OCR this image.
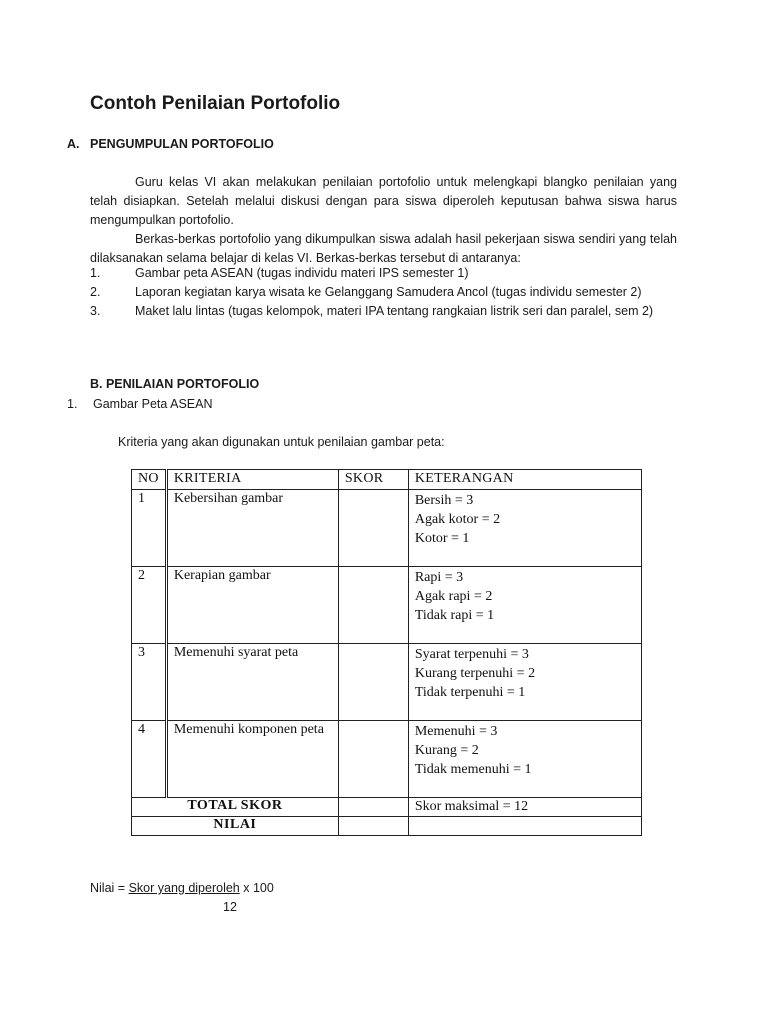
Contoh Penilaian Portofolio
A. PENGUMPULAN PORTOFOLIO

Guru kelas VI akan melakukan penilaian portofolio untuk melengkapi blangko penilaian yang telah disiapkan. Setelah melalui diskusi dengan para siswa diperoleh keputusan bahwa siswa harus mengumpulkan portofolio.

Berkas-berkas portofolio yang dikumpulkan siswa adalah hasil pekerjaan siswa sendiri yang telah dilaksanakan selama belajar di kelas VI. Berkas-berkas tersebut di antaranya:

1.	Gambar peta ASEAN (tugas individu materi IPS semester 1)
2.	Laporan kegiatan karya wisata ke Gelanggang Samudera Ancol (tugas individu semester 2)
3.	Maket lalu lintas (tugas kelompok, materi IPA tentang rangkaian listrik seri dan paralel, sem 2)
B. PENILAIAN PORTOFOLIO
1. Gambar Peta ASEAN
Kriteria yang akan digunakan untuk penilaian gambar peta:
NO	KRITERIA	SKOR	KETERANGAN
1	Kebersihan gambar		Bersih = 3
Agak kotor = 2
Kotor = 1

2	Kerapian gambar		Rapi = 3
Agak rapi = 2
Tidak rapi = 1

3	Memenuhi syarat peta		Syarat terpenuhi = 3
Kurang terpenuhi = 2
Tidak terpenuhi = 1

4	Memenuhi komponen peta		Memenuhi = 3
Kurang = 2
Tidak memenuhi = 1

TOTAL SKOR			Skor maksimal = 12
NILAI			
Nilai = Skor yang diperoleh x 100
12
